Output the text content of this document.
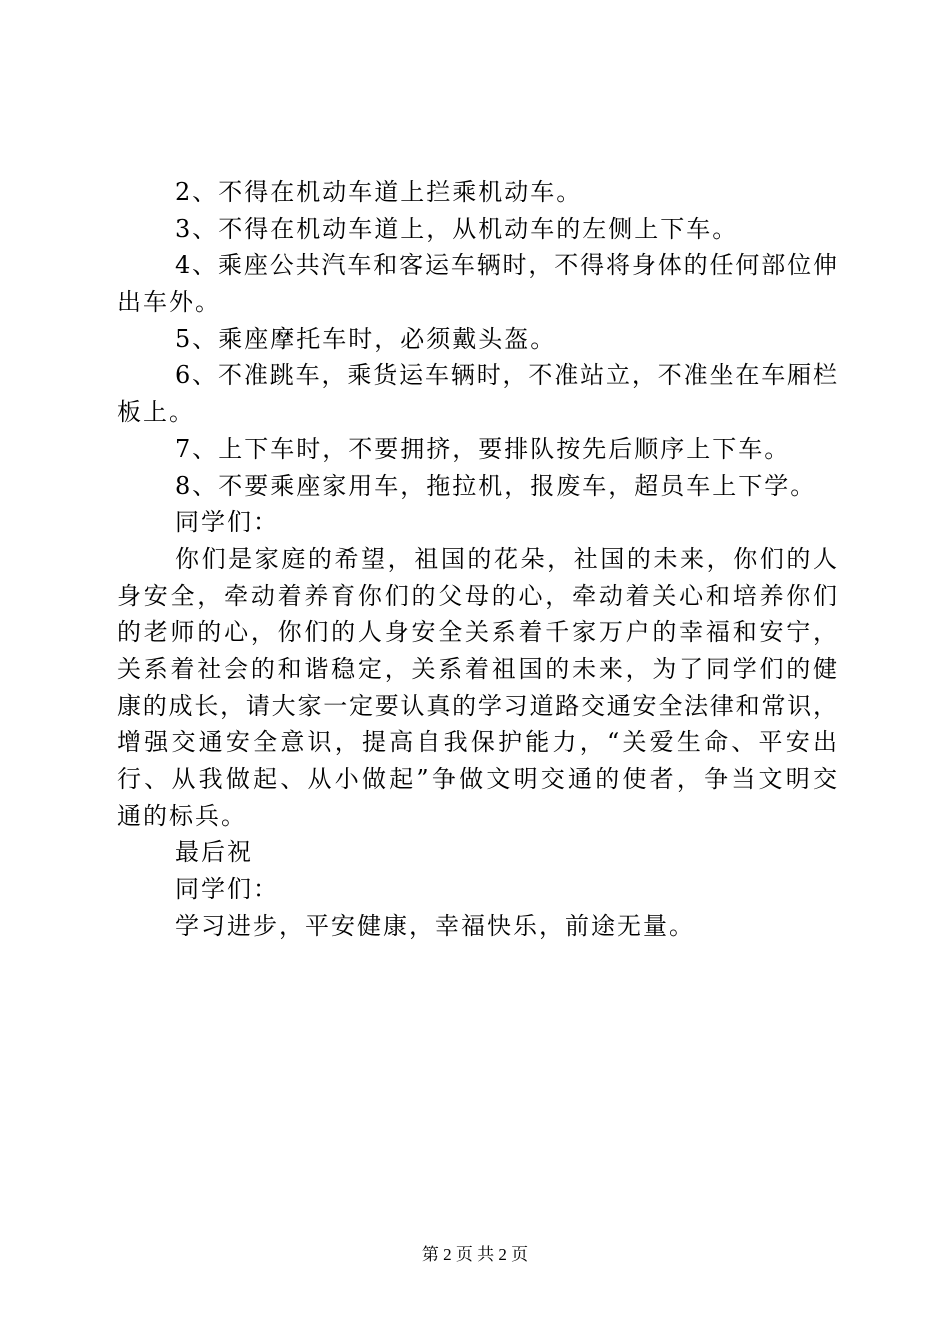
2、不得在机动车道上拦乘机动车。
3、不得在机动车道上，从机动车的左侧上下车。
4、乘座公共汽车和客运车辆时，不得将身体的任何部位伸
出车外。
5、乘座摩托车时，必须戴头盔。
6、不准跳车，乘货运车辆时，不准站立，不准坐在车厢栏
板上。
7、上下车时，不要拥挤，要排队按先后顺序上下车。
8、不要乘座家用车，拖拉机，报废车，超员车上下学。
同学们：
你们是家庭的希望，祖国的花朵，社国的未来，你们的人
身安全，牵动着养育你们的父母的心，牵动着关心和培养你们
的老师的心，你们的人身安全关系着千家万户的幸福和安宁，
关系着社会的和谐稳定，关系着祖国的未来，为了同学们的健
康的成长，请大家一定要认真的学习道路交通安全法律和常识，
增强交通安全意识，提高自我保护能力，“关爱生命、平安出
行、从我做起、从小做起”争做文明交通的使者，争当文明交
通的标兵。
最后祝
同学们：
学习进步，平安健康，幸福快乐，前途无量。
第 2 页 共 2 页
